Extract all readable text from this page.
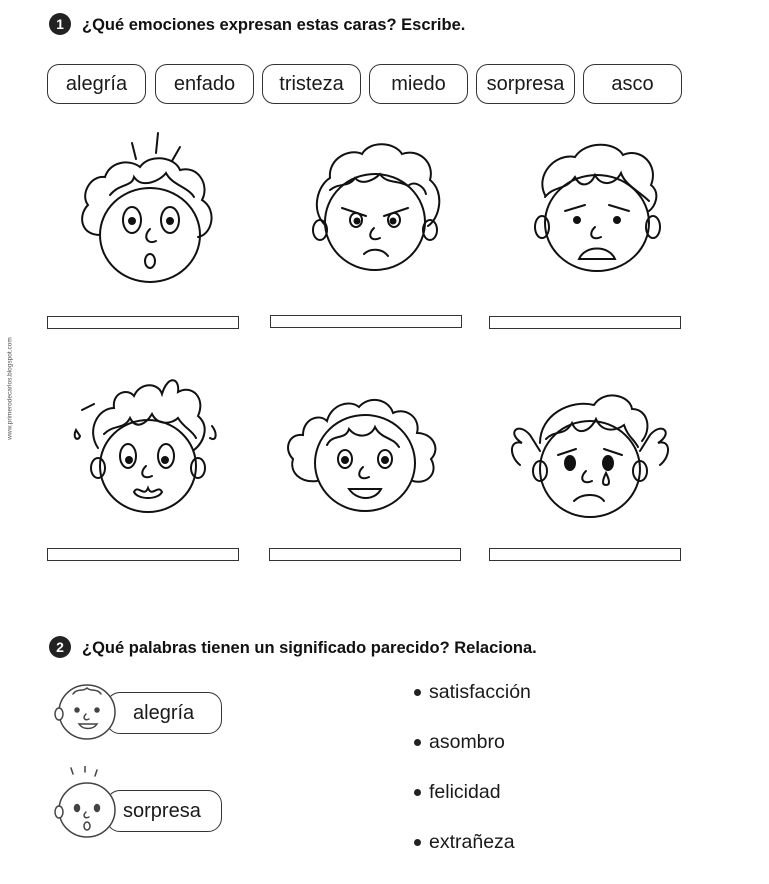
www.primerodecarlos.blogspot.com
1	¿Qué emociones expresan estas caras? Escribe.
alegría	enfado	tristeza	miedo	sorpresa	asco
2	¿Qué palabras tienen un significado parecido? Relaciona.
alegría
sorpresa
satisfacción
asombro
felicidad
extrañeza
